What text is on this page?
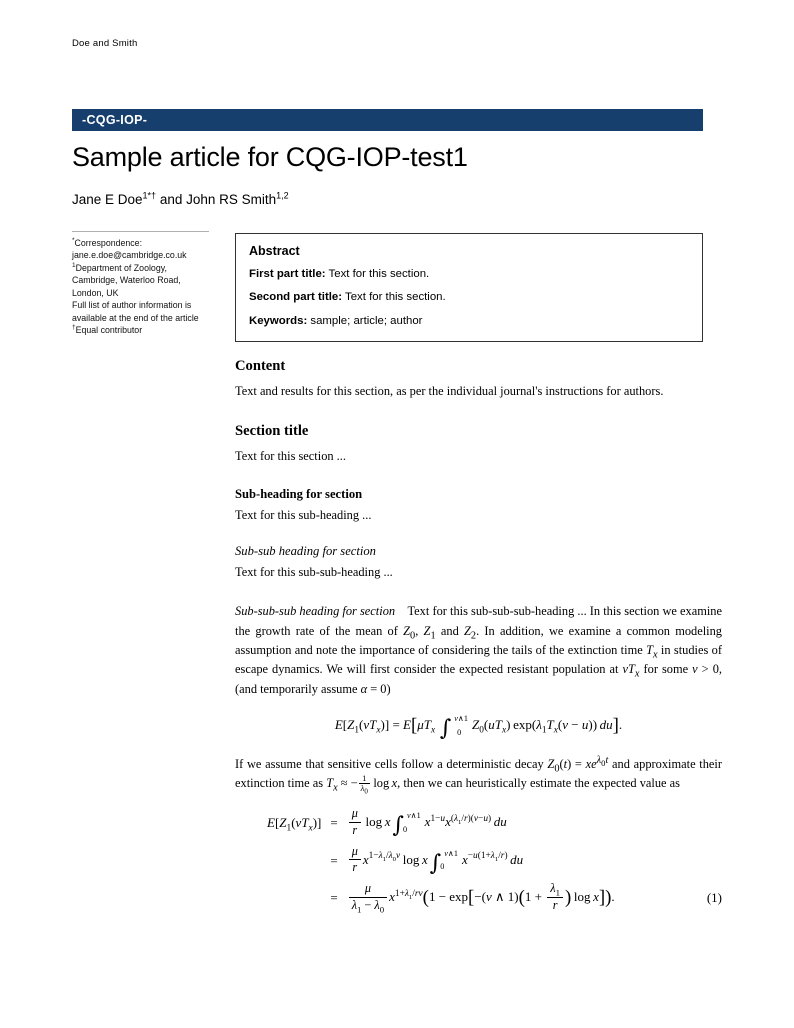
Doe and Smith
-CQG-IOP-
Sample article for CQG-IOP-test1
Jane E Doe$^{1*\dagger}$ and John RS Smith$^{1,2}$
*Correspondence:
jane.e.doe@cambridge.co.uk
$^1$Department of Zoology, Cambridge, Waterloo Road, London, UK
Full list of author information is available at the end of the article
†Equal contributor
Abstract

First part title: Text for this section.

Second part title: Text for this section.

Keywords: sample; article; author

Content

Text and results for this section, as per the individual journal's instructions for authors.

Section title

Text for this section ...

Sub-heading for section

Text for this sub-heading ...

Sub-sub heading for section

Text for this sub-sub-heading ...

Sub-sub-sub heading for section Text for this sub-sub-sub-heading ... In this section we examine the growth rate of the mean of $Z_0$, $Z_1$ and $Z_2$. In addition, we examine a common modeling assumption and note the importance of considering the tails of the extinction time $T_x$ in studies of escape dynamics. We will first consider the expected resistant population at $vT_x$ for some v > 0, (and temporarily assume α = 0)

$E[Z_1(vT_x)] = E[\mu T_x$  ∫ v∧1
0
$Z_0(uT_x) \exp(\lambda_1T_x(v - u))$ du].

If we assume that sensitive cells follow a deterministic decay $Z_0(t) = xe^{\lambda_0t}$ and approximate their extinction time as $T_x$ ≈ − $\frac{1}{\lambda_0}$  log x, then we can heuristically estimate the expected value as

$E[Z_1(vT_x)] = \frac{\mu}{r}$  log x∫ v∧1
0
$x^{1-u}x^{(\lambda_1/r)(v-u)}$  du
= $\frac{\mu}{r} x^{1-\lambda_1/\lambda_0v}$ log x∫ v∧1
0
$x^{-u(1+\lambda_1/r)}$  du
= $\frac{\mu}{\lambda_1 - \lambda_0} x^{1+\lambda_1/rv}(1 - \exp[-(v$ ∧ $1)(1 + \frac{\lambda_1}{r}$ ) log x]).	(1)
